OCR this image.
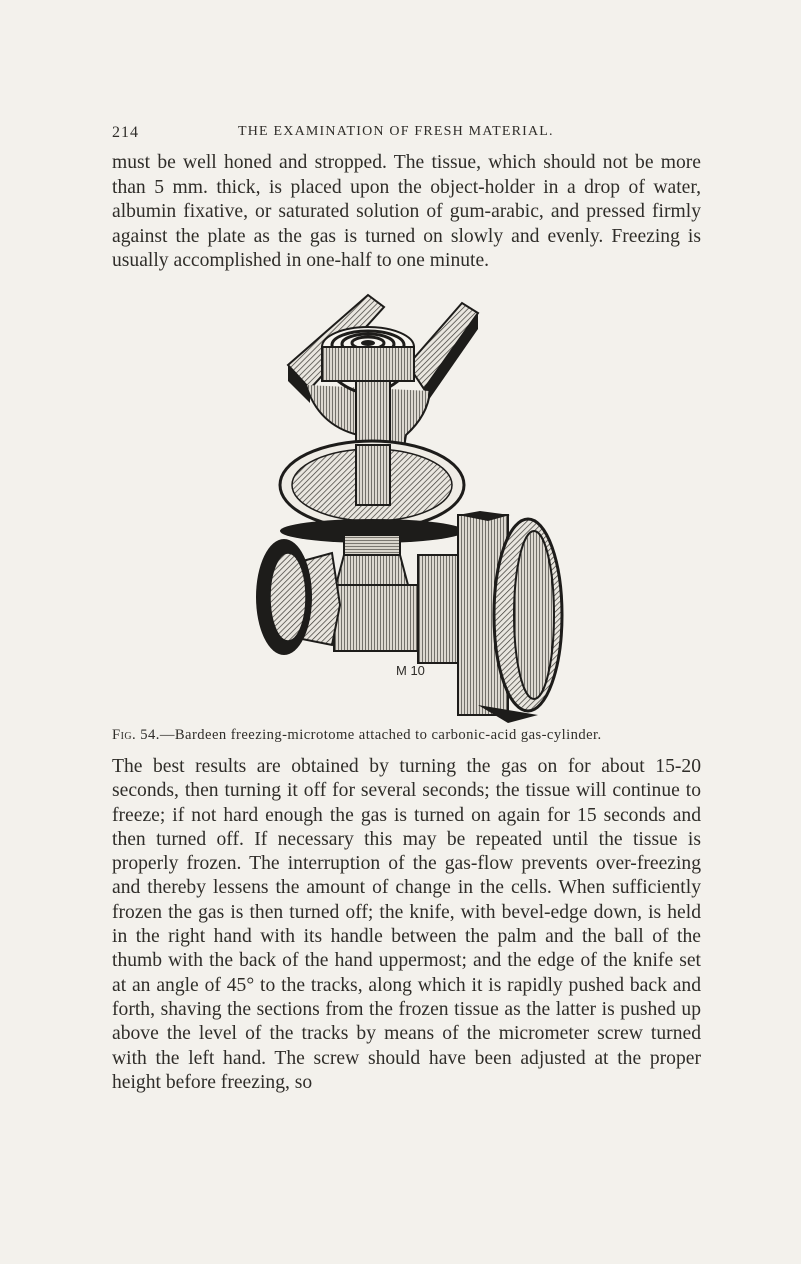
214	THE EXAMINATION OF FRESH MATERIAL.

must be well honed and stropped. The tissue, which should not be more than 5 mm. thick, is placed upon the object-holder in a drop of water, albumin fixative, or saturated solution of gum-arabic, and pressed firmly against the plate as the gas is turned on slowly and evenly. Freezing is usually accomplished in one-half to one minute.

M 10
Fig. 54.—Bardeen freezing-microtome attached to carbonic-acid gas-cylinder.

The best results are obtained by turning the gas on for about 15-20 seconds, then turning it off for several seconds; the tissue will continue to freeze; if not hard enough the gas is turned on again for 15 seconds and then turned off. If necessary this may be repeated until the tissue is properly frozen. The interruption of the gas-flow prevents over-freezing and thereby lessens the amount of change in the cells. When sufficiently frozen the gas is then turned off; the knife, with bevel-edge down, is held in the right hand with its handle between the palm and the ball of the thumb with the back of the hand uppermost; and the edge of the knife set at an angle of 45° to the tracks, along which it is rapidly pushed back and forth, shaving the sections from the frozen tissue as the latter is pushed up above the level of the tracks by means of the micrometer screw turned with the left hand. The screw should have been adjusted at the proper height before freezing, so
